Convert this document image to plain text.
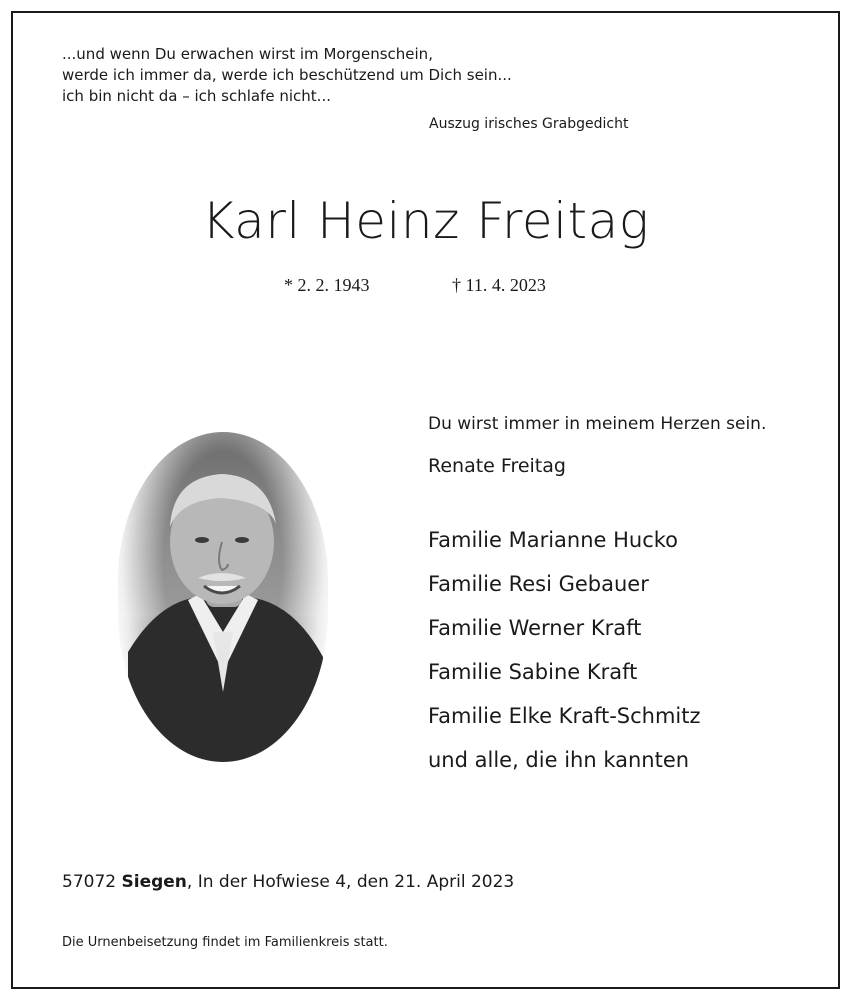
...und wenn Du erwachen wirst im Morgenschein,
werde ich immer da, werde ich beschützend um Dich sein...
ich bin nicht da – ich schlafe nicht...
Auszug irisches Grabgedicht
Karl Heinz Freitag
* 2. 2. 1943	† 11. 4. 2023
Du wirst immer in meinem Herzen sein.
Renate Freitag
Familie Marianne Hucko
Familie Resi Gebauer
Familie Werner Kraft
Familie Sabine Kraft
Familie Elke Kraft-Schmitz
und alle, die ihn kannten
57072 Siegen, In der Hofwiese 4, den 21. April 2023
Die Urnenbeisetzung findet im Familienkreis statt.
